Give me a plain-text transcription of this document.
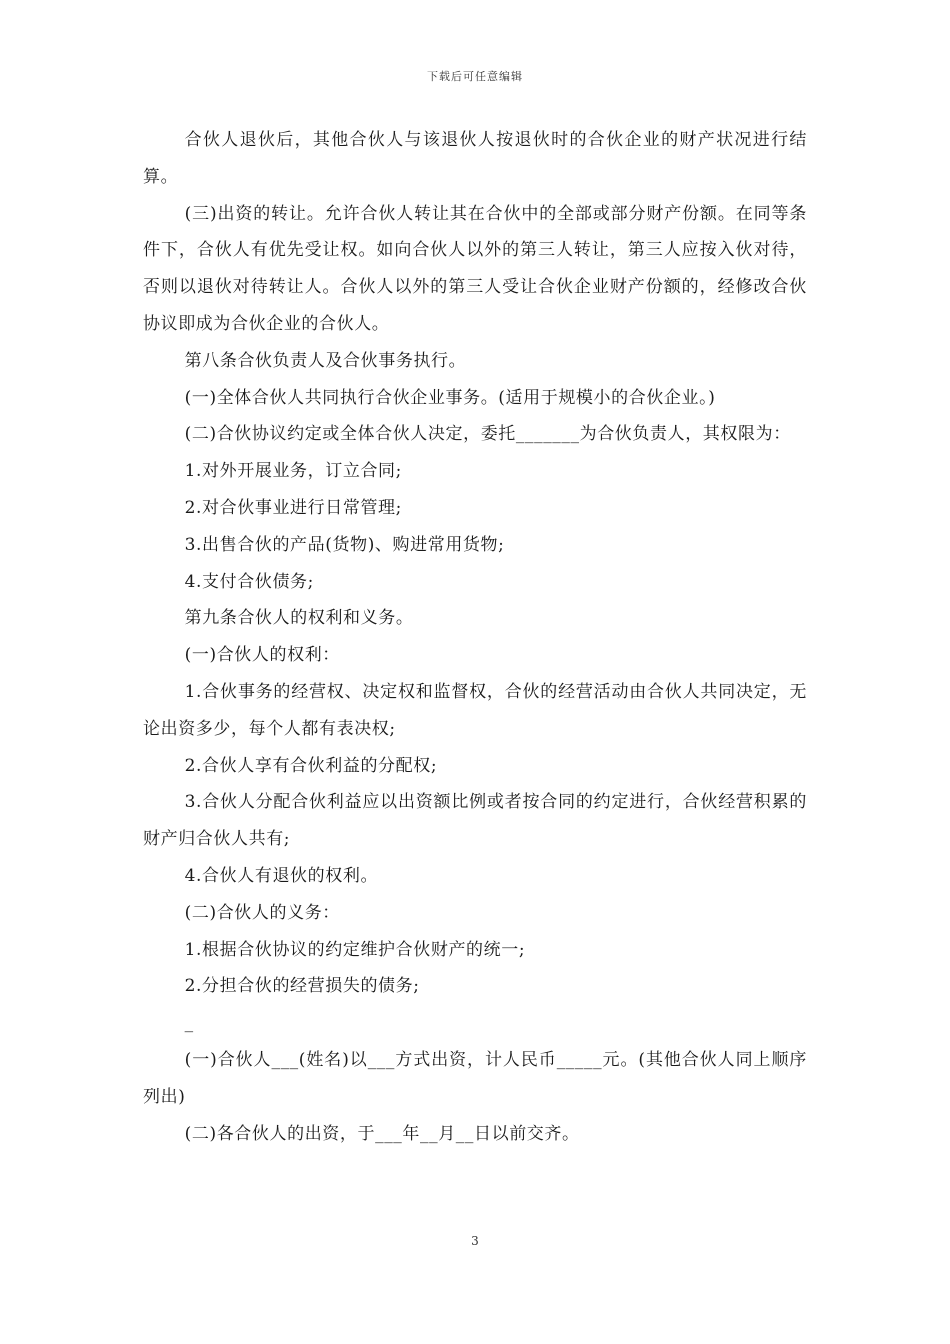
下载后可任意编辑

合伙人退伙后，其他合伙人与该退伙人按退伙时的合伙企业的财产状况进行结算。

(三)出资的转让。允许合伙人转让其在合伙中的全部或部分财产份额。在同等条件下，合伙人有优先受让权。如向合伙人以外的第三人转让，第三人应按入伙对待，否则以退伙对待转让人。合伙人以外的第三人受让合伙企业财产份额的，经修改合伙协议即成为合伙企业的合伙人。

第八条合伙负责人及合伙事务执行。

(一)全体合伙人共同执行合伙企业事务。(适用于规模小的合伙企业。)

(二)合伙协议约定或全体合伙人决定，委托_______为合伙负责人，其权限为：

1.对外开展业务，订立合同;

2.对合伙事业进行日常管理;

3.出售合伙的产品(货物)、购进常用货物;

4.支付合伙债务;

第九条合伙人的权利和义务。

(一)合伙人的权利：

1.合伙事务的经营权、决定权和监督权，合伙的经营活动由合伙人共同决定，无论出资多少，每个人都有表决权;

2.合伙人享有合伙利益的分配权;

3.合伙人分配合伙利益应以出资额比例或者按合同的约定进行，合伙经营积累的财产归合伙人共有;

4.合伙人有退伙的权利。

(二)合伙人的义务：

1.根据合伙协议的约定维护合伙财产的统一;

2.分担合伙的经营损失的债务;

_

(一)合伙人___(姓名)以___方式出资，计人民币_____元。(其他合伙人同上顺序列出)

(二)各合伙人的出资，于___年__月__日以前交齐。

3
